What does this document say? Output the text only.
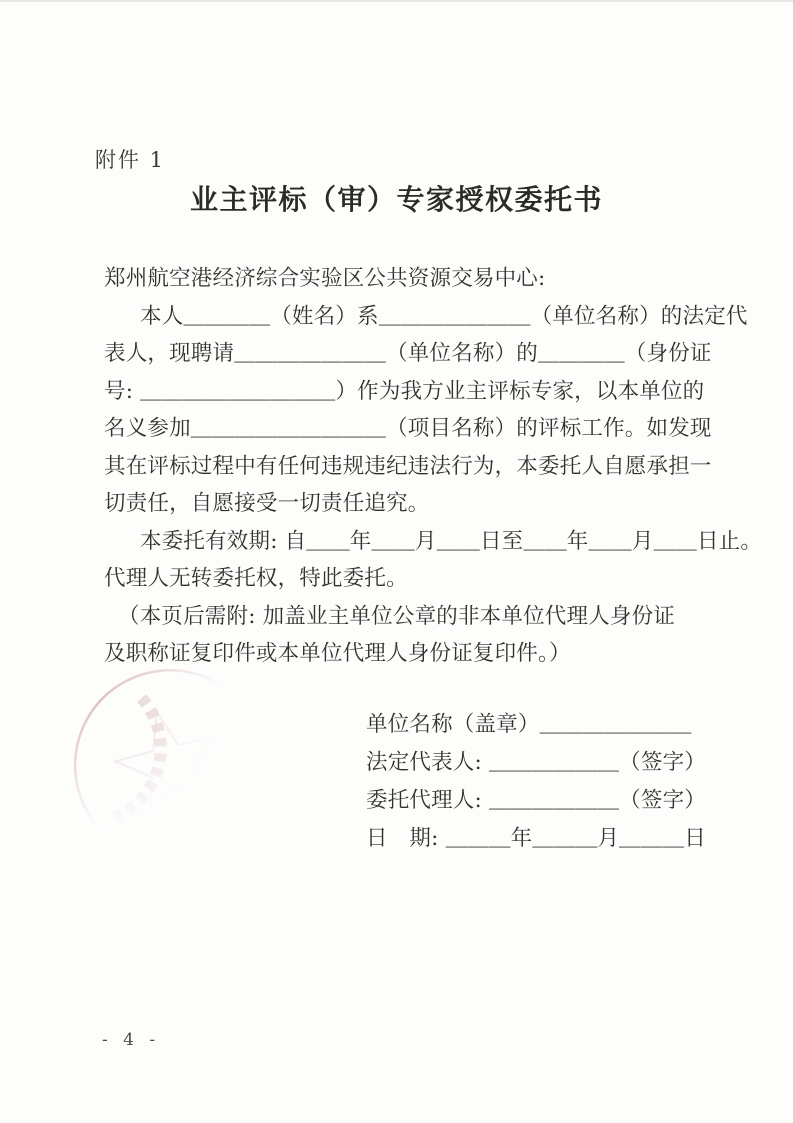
附件 1
业主评标（审）专家授权委托书
郑州航空港经济综合实验区公共资源交易中心:
本人＿＿＿＿（姓名）系＿＿＿＿＿＿＿（单位名称）的法定代
表人，现聘请＿＿＿＿＿＿＿（单位名称）的＿＿＿＿（身份证
号: ＿＿＿＿＿＿＿＿＿）作为我方业主评标专家，以本单位的
名义参加＿＿＿＿＿＿＿＿＿（项目名称）的评标工作。如发现
其在评标过程中有任何违规违纪违法行为，本委托人自愿承担一
切责任，自愿接受一切责任追究。
本委托有效期: 自＿＿年＿＿月＿＿日至＿＿年＿＿月＿＿日止。
代理人无转委托权，特此委托。
（本页后需附: 加盖业主单位公章的非本单位代理人身份证
及职称证复印件或本单位代理人身份证复印件。）
单位名称（盖章）＿＿＿＿＿＿＿
法定代表人: ＿＿＿＿＿＿（签字）
委托代理人: ＿＿＿＿＿＿（签字）
日　期: ＿＿＿年＿＿＿月＿＿＿日
- 4 -
